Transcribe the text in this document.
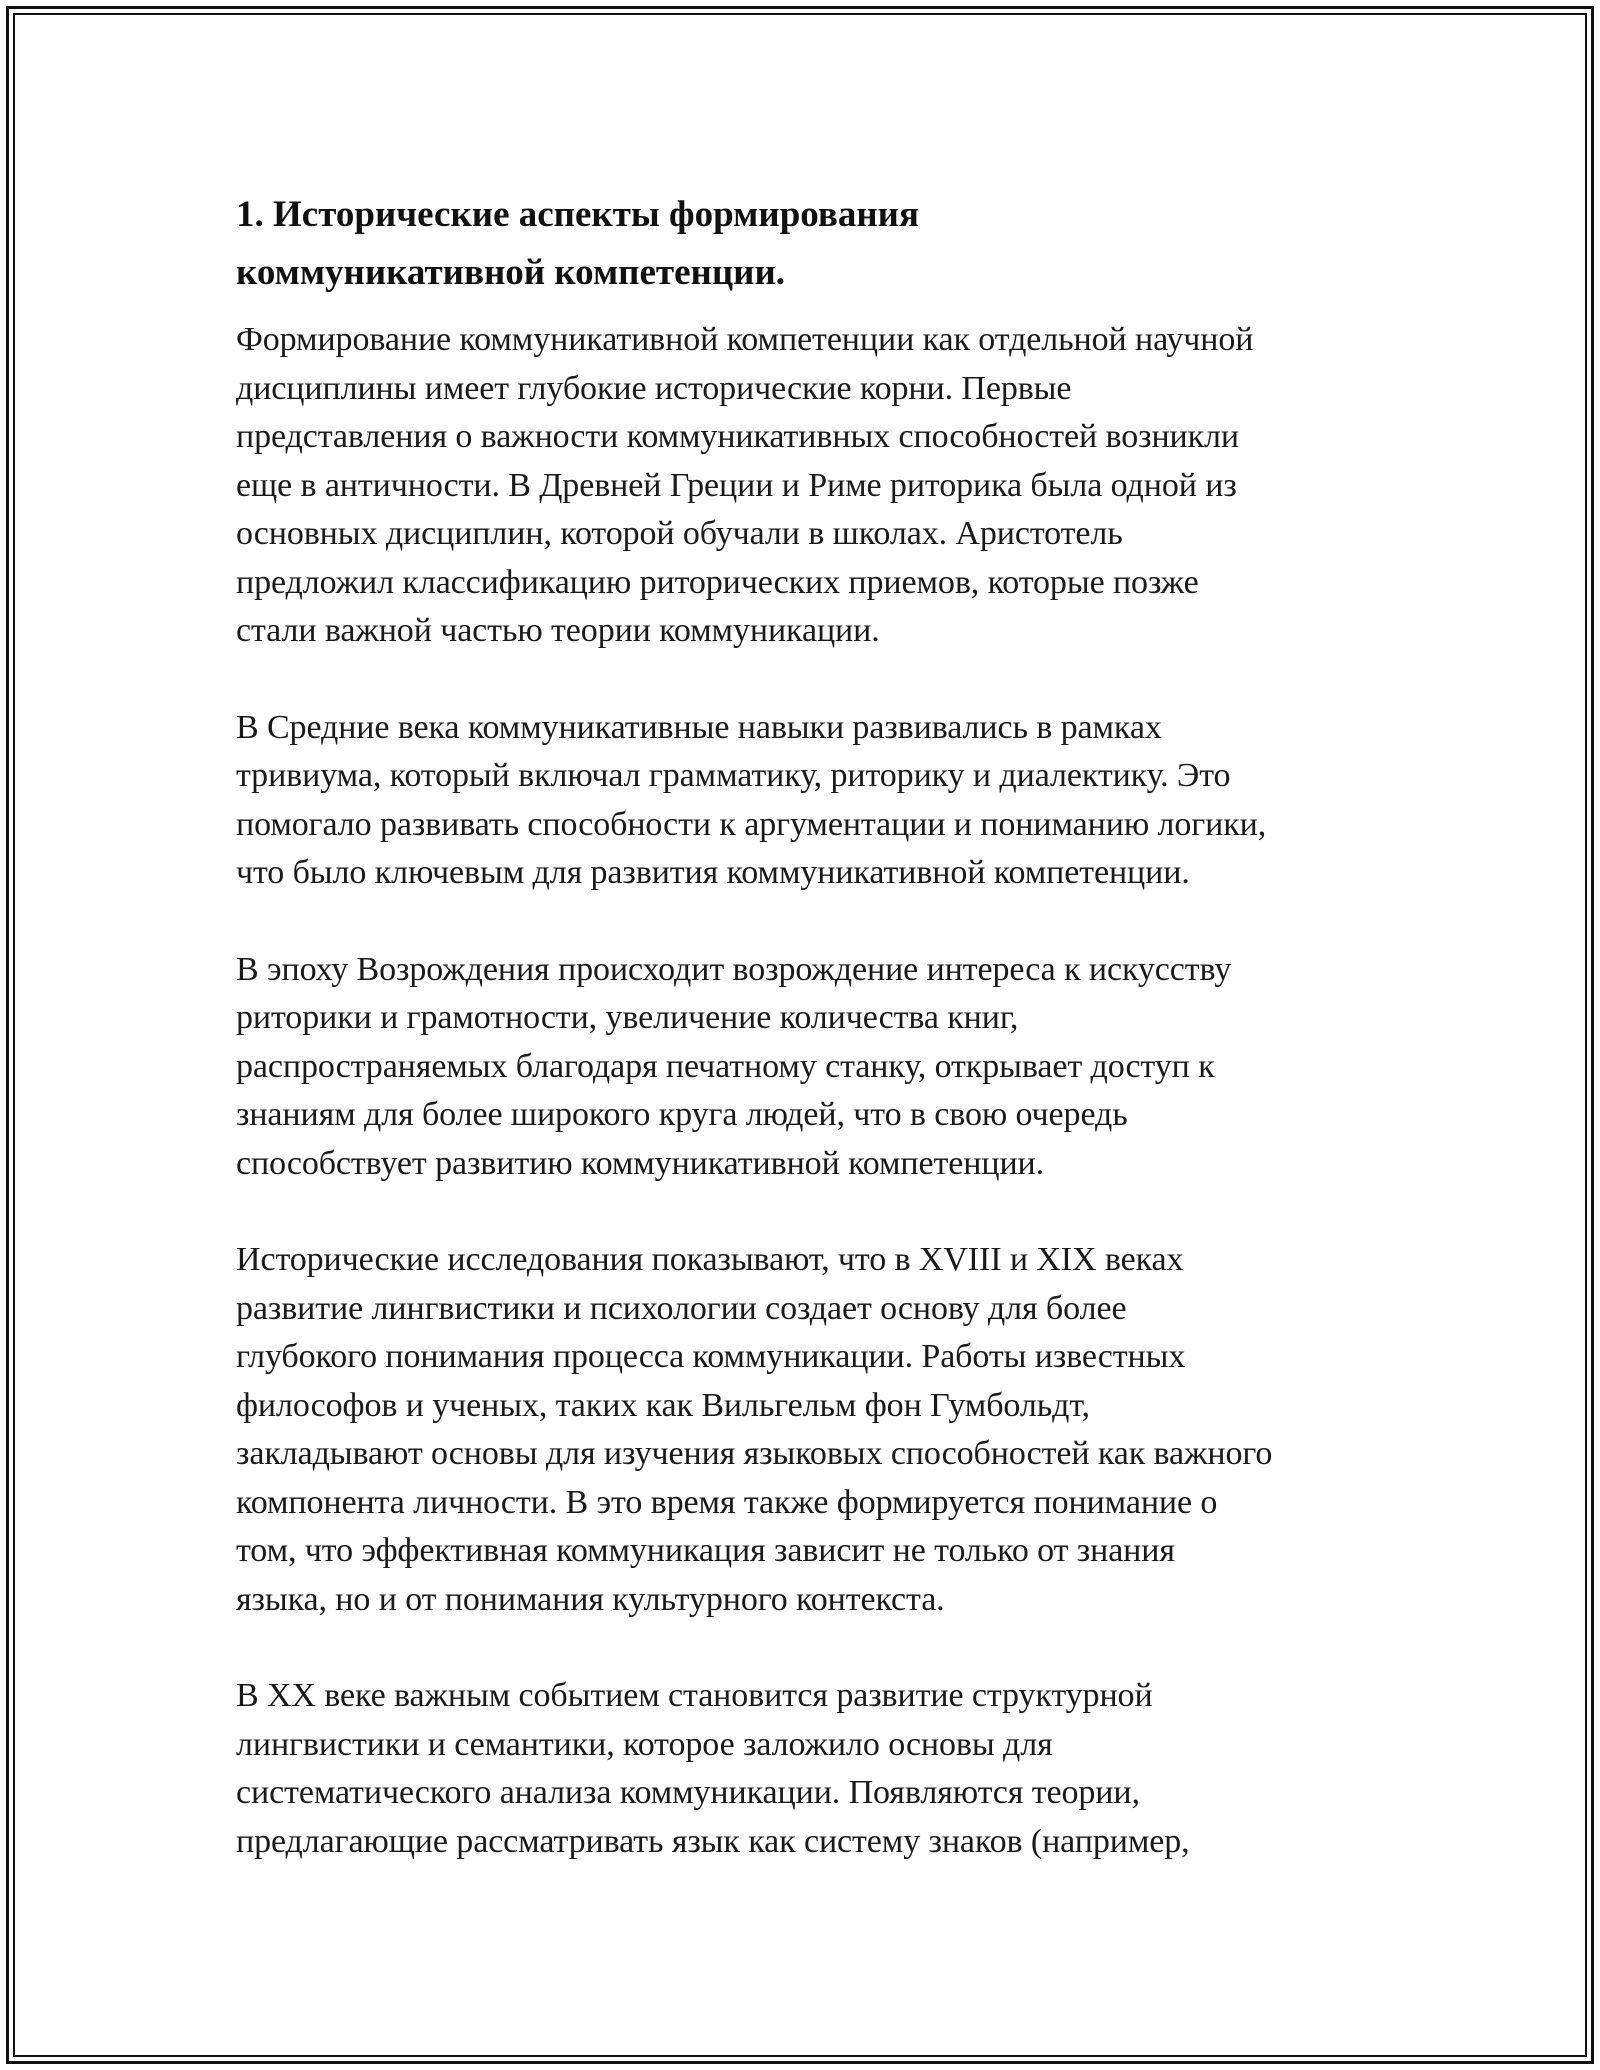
1. Исторические аспекты формирования
коммуникативной компетенции.

Формирование коммуникативной компетенции как отдельной научной
дисциплины имеет глубокие исторические корни. Первые
представления о важности коммуникативных способностей возникли
еще в античности. В Древней Греции и Риме риторика была одной из
основных дисциплин, которой обучали в школах. Аристотель
предложил классификацию риторических приемов, которые позже
стали важной частью теории коммуникации.

В Средние века коммуникативные навыки развивались в рамках
тривиума, который включал грамматику, риторику и диалектику. Это
помогало развивать способности к аргументации и пониманию логики,
что было ключевым для развития коммуникативной компетенции.

В эпоху Возрождения происходит возрождение интереса к искусству
риторики и грамотности, увеличение количества книг,
распространяемых благодаря печатному станку, открывает доступ к
знаниям для более широкого круга людей, что в свою очередь
способствует развитию коммуникативной компетенции.

Исторические исследования показывают, что в XVIII и XIX веках
развитие лингвистики и психологии создает основу для более
глубокого понимания процесса коммуникации. Работы известных
философов и ученых, таких как Вильгельм фон Гумбольдт,
закладывают основы для изучения языковых способностей как важного
компонента личности. В это время также формируется понимание о
том, что эффективная коммуникация зависит не только от знания
языка, но и от понимания культурного контекста.

В XX веке важным событием становится развитие структурной
лингвистики и семантики, которое заложило основы для
систематического анализа коммуникации. Появляются теории,
предлагающие рассматривать язык как систему знаков (например,
